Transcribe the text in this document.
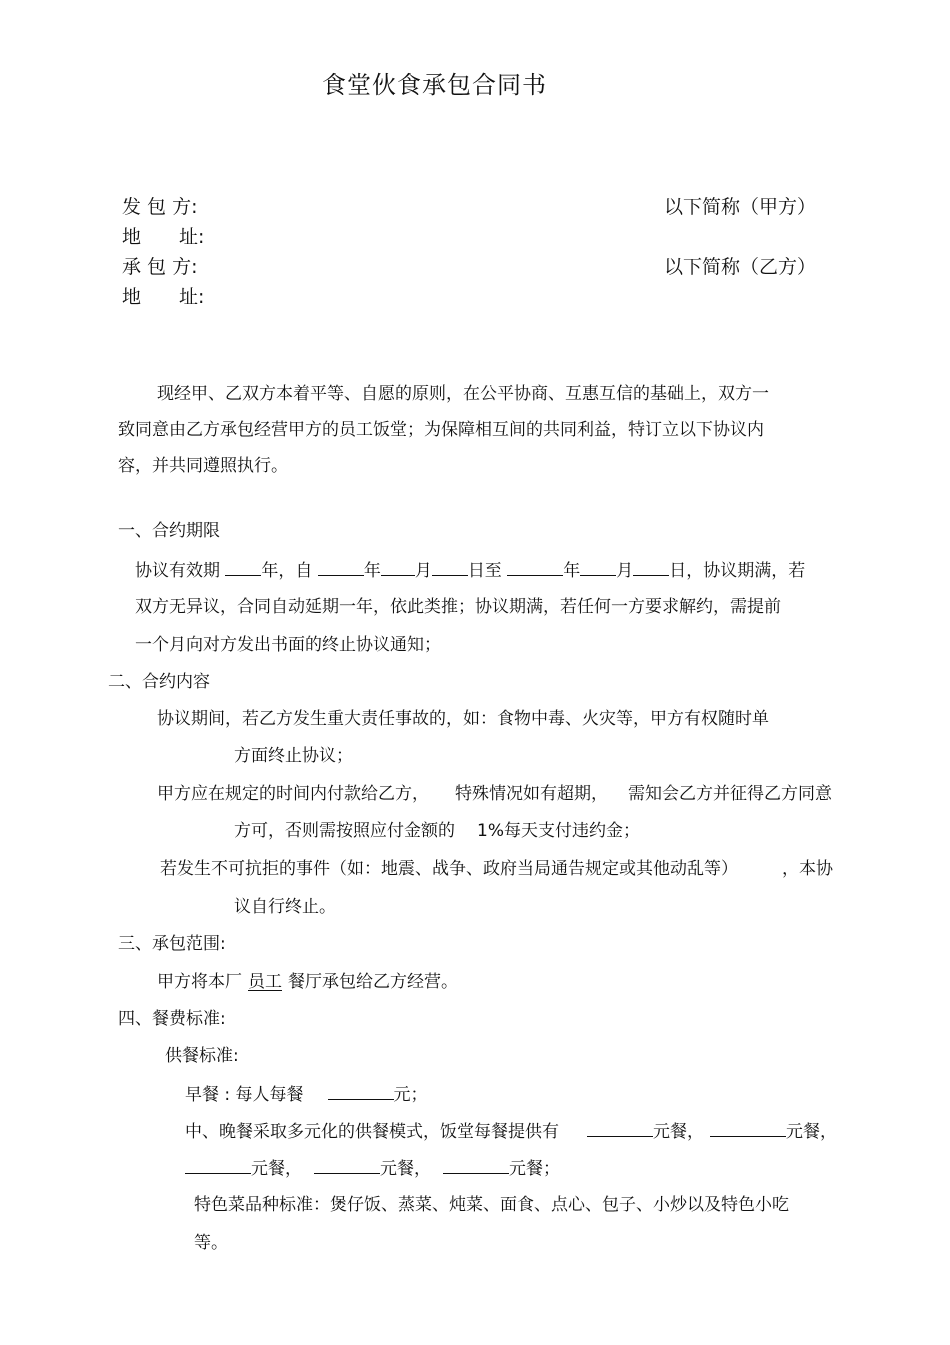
食堂伙食承包合同书
发 包 方:	以下简称（甲方）
地　　址:
承 包 方:	以下简称（乙方）
地　　址:
现经甲、乙双方本着平等、自愿的原则，在公平协商、互惠互信的基础上，双方一
致同意由乙方承包经营甲方的员工饭堂；为保障相互间的共同利益，特订立以下协议内
容，并共同遵照执行。
一、合约期限
协议有效期 年，自	年 月 日至	年 月 日，协议期满，若
双方无异议，合同自动延期一年，依此类推；协议期满，若任何一方要求解约，需提前
一个月向对方发出书面的终止协议通知；
二、合约内容
协议期间，若乙方发生重大责任事故的，如：食物中毒、火灾等，甲方有权随时单
方面终止协议；
甲方应在规定的时间内付款给乙方， 特殊情况如有超期， 需知会乙方并征得乙方同意
方可，否则需按照应付金额的 1%每天支付违约金；
若发生不可抗拒的事件（如：地震、战争、政府当局通告规定或其他动乱等）	，本协
议自行终止。
三、承包范围:
甲方将本厂 员工 餐厅承包给乙方经营。
四、餐费标准:
供餐标准:
早餐 : 每人每餐	元；
中、晚餐采取多元化的供餐模式，饭堂每餐提供有	元餐，	元餐，
元餐，	元餐，	元餐；
特色菜品种标准：煲仔饭、蒸菜、炖菜、面食、点心、包子、小炒以及特色小吃
等。
